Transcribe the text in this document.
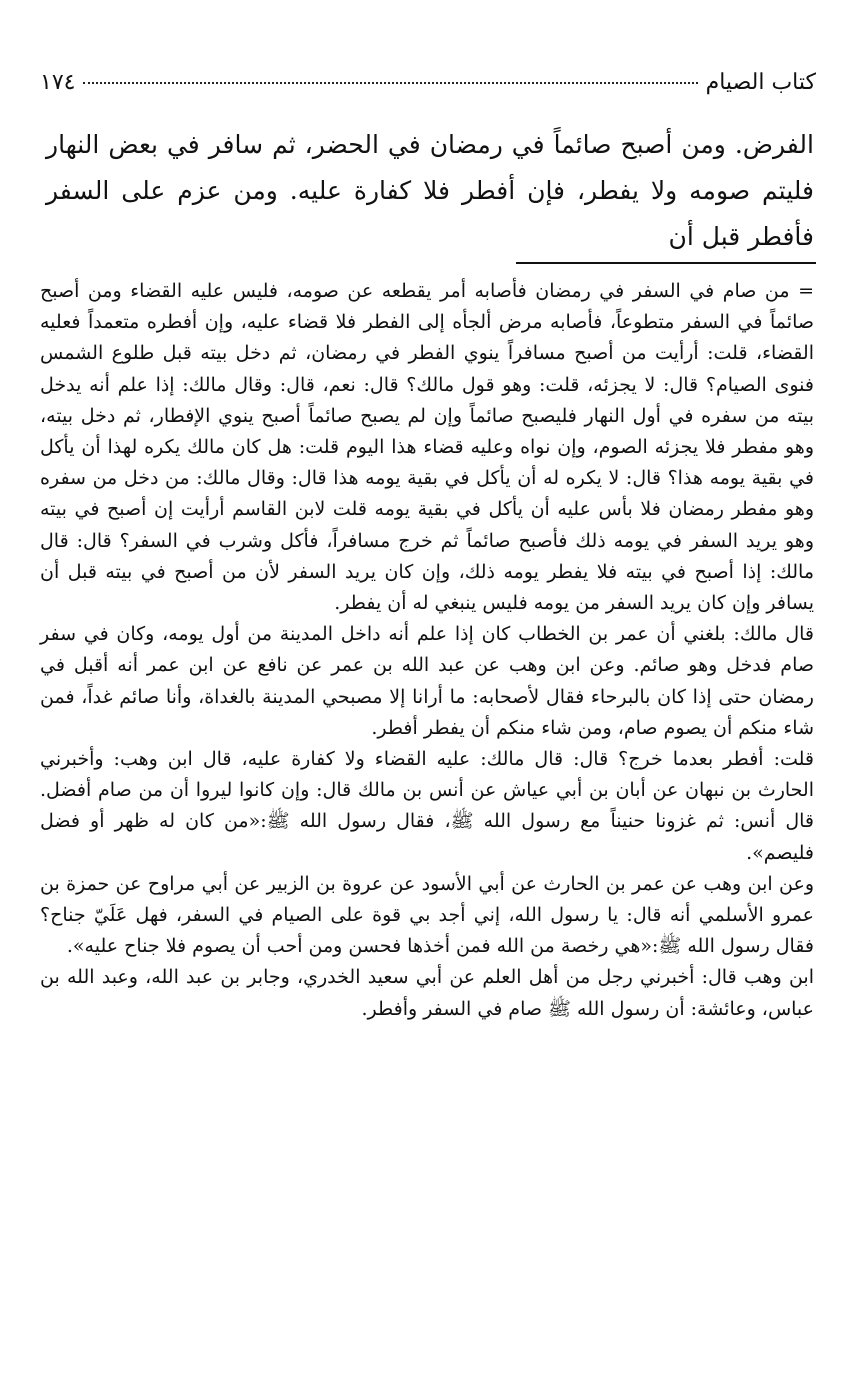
كتاب الصيام
١٧٤

الفرض. ومن أصبح صائماً في رمضان في الحضر، ثم سافر في بعض النهار فليتم صومه ولا يفطر، فإن أفطر فلا كفارة عليه. ومن عزم على السفر فأفطر قبل أن

= من صام في السفر في رمضان فأصابه أمر يقطعه عن صومه، فليس عليه القضاء ومن أصبح صائماً في السفر متطوعاً، فأصابه مرض ألجأه إلى الفطر فلا قضاء عليه، وإن أفطره متعمداً فعليه القضاء، قلت: أرأيت من أصبح مسافراً ينوي الفطر في رمضان، ثم دخل بيته قبل طلوع الشمس فنوى الصيام؟ قال: لا يجزئه، قلت: وهو قول مالك؟ قال: نعم، قال: وقال مالك: إذا علم أنه يدخل بيته من سفره في أول النهار فليصبح صائماً وإن لم يصبح صائماً أصبح ينوي الإفطار، ثم دخل بيته، وهو مفطر فلا يجزئه الصوم، وإن نواه وعليه قضاء هذا اليوم قلت: هل كان مالك يكره لهذا أن يأكل في بقية يومه هذا؟ قال: لا يكره له أن يأكل في بقية يومه هذا قال: وقال مالك: من دخل من سفره وهو مفطر رمضان فلا بأس عليه أن يأكل في بقية يومه قلت لابن القاسم أرأيت إن أصبح في بيته وهو يريد السفر في يومه ذلك فأصبح صائماً ثم خرج مسافراً، فأكل وشرب في السفر؟ قال: قال مالك: إذا أصبح في بيته فلا يفطر يومه ذلك، وإن كان يريد السفر لأن من أصبح في بيته قبل أن يسافر وإن كان يريد السفر من يومه فليس ينبغي له أن يفطر.

قال مالك: بلغني أن عمر بن الخطاب كان إذا علم أنه داخل المدينة من أول يومه، وكان في سفر صام فدخل وهو صائم. وعن ابن وهب عن عبد الله بن عمر عن نافع عن ابن عمر أنه أقبل في رمضان حتى إذا كان بالبرحاء فقال لأصحابه: ما أرانا إلا مصبحي المدينة بالغداة، وأنا صائم غداً، فمن شاء منكم أن يصوم صام، ومن شاء منكم أن يفطر أفطر.

قلت: أفطر بعدما خرج؟ قال: قال مالك: عليه القضاء ولا كفارة عليه، قال ابن وهب: وأخبرني الحارث بن نبهان عن أبان بن أبي عياش عن أنس بن مالك قال: وإن كانوا ليروا أن من صام أفضل. قال أنس: ثم غزونا حنيناً مع رسول الله ﷺ، فقال رسول الله ﷺ:«من كان له ظهر أو فضل فليصم».

وعن ابن وهب عن عمر بن الحارث عن أبي الأسود عن عروة بن الزبير عن أبي مراوح عن حمزة بن عمرو الأسلمي أنه قال: يا رسول الله، إني أجد بي قوة على الصيام في السفر، فهل عَلَيّ جناح؟ فقال رسول الله ﷺ:«هي رخصة من الله فمن أخذها فحسن ومن أحب أن يصوم فلا جناح عليه».

ابن وهب قال: أخبرني رجل من أهل العلم عن أبي سعيد الخدري، وجابر بن عبد الله، وعبد الله بن عباس، وعائشة: أن رسول الله ﷺ صام في السفر وأفطر.
